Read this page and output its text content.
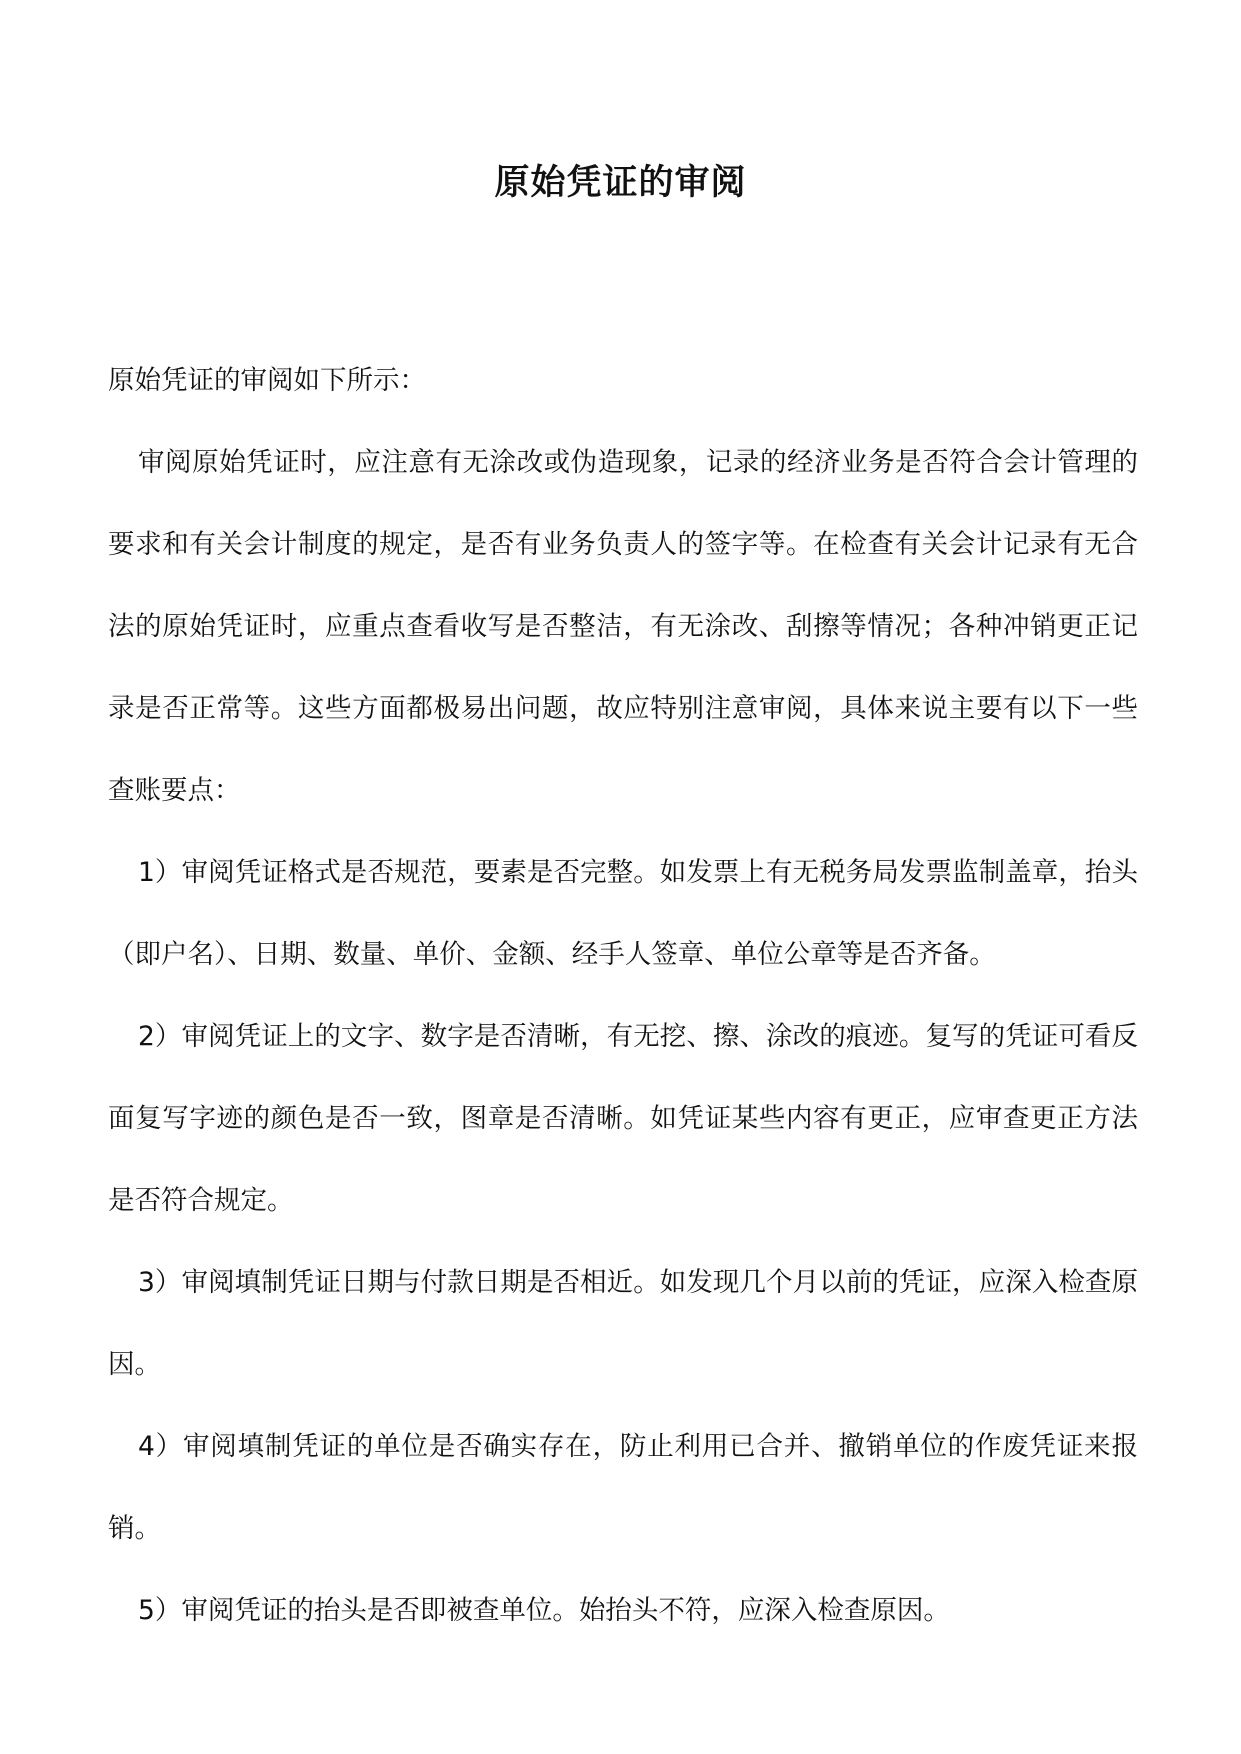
原始凭证的审阅

原始凭证的审阅如下所示：

审阅原始凭证时，应注意有无涂改或伪造现象，记录的经济业务是否符合会计管理的要求和有关会计制度的规定，是否有业务负责人的签字等。在检查有关会计记录有无合法的原始凭证时，应重点查看收写是否整洁，有无涂改、刮擦等情况；各种冲销更正记录是否正常等。这些方面都极易出问题，故应特别注意审阅，具体来说主要有以下一些查账要点：

1）审阅凭证格式是否规范，要素是否完整。如发票上有无税务局发票监制盖章，抬头（即户名）、日期、数量、单价、金额、经手人签章、单位公章等是否齐备。

2）审阅凭证上的文字、数字是否清晰，有无挖、擦、涂改的痕迹。复写的凭证可看反面复写字迹的颜色是否一致，图章是否清晰。如凭证某些内容有更正，应审查更正方法是否符合规定。

3）审阅填制凭证日期与付款日期是否相近。如发现几个月以前的凭证，应深入检查原因。

4）审阅填制凭证的单位是否确实存在，防止利用已合并、撤销单位的作废凭证来报销。

5）审阅凭证的抬头是否即被查单位。始抬头不符，应深入检查原因。
